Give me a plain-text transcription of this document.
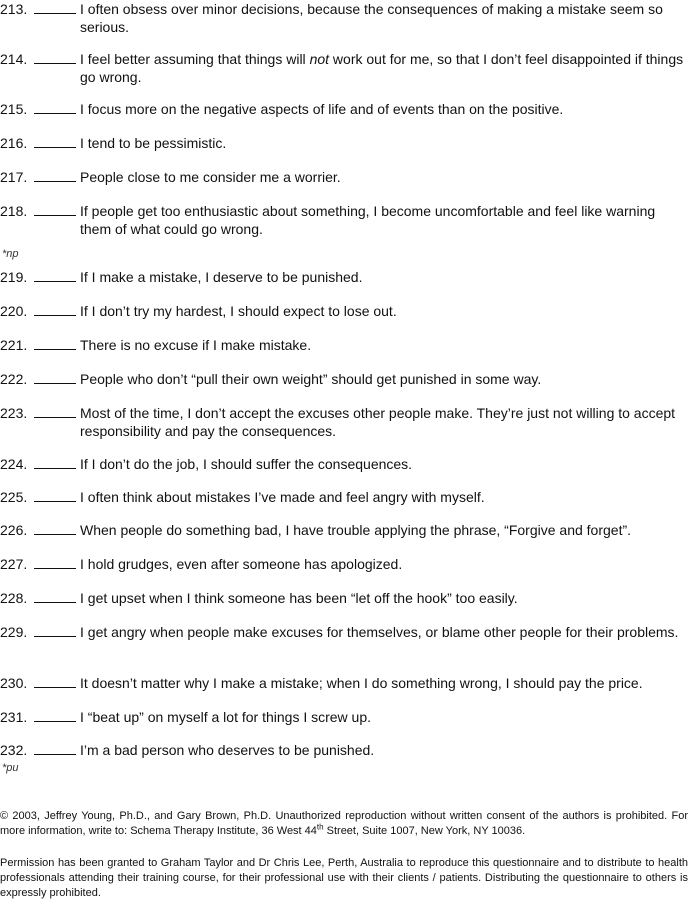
213.	I often obsess over minor decisions, because the consequences of making a mistake seem so serious.
214.	I feel better assuming that things will not work out for me, so that I don’t feel disappointed if things go wrong.
215.	I focus more on the negative aspects of life and of events than on the positive.
216.	I tend to be pessimistic.
217.	People close to me consider me a worrier.
218.	If people get too enthusiastic about something, I become uncomfortable and feel like warning them of what could go wrong.
*np
219.	If I make a mistake, I deserve to be punished.
220.	If I don’t try my hardest, I should expect to lose out.
221.	There is no excuse if I make mistake.
222.	People who don’t “pull their own weight” should get punished in some way.
223.	Most of the time, I don’t accept the excuses other people make. They’re just not willing to accept responsibility and pay the consequences.
224.	If I don’t do the job, I should suffer the consequences.
225.	I often think about mistakes I’ve made and feel angry with myself.
226.	When people do something bad, I have trouble applying the phrase, “Forgive and forget”.
227.	I hold grudges, even after someone has apologized.
228.	I get upset when I think someone has been “let off the hook” too easily.
229.	I get angry when people make excuses for themselves, or blame other people for their problems.
230.	It doesn’t matter why I make a mistake; when I do something wrong, I should pay the price.
231.	I “beat up” on myself a lot for things I screw up.
232.	I’m a bad person who deserves to be punished.
*pu
© 2003, Jeffrey Young, Ph.D., and Gary Brown, Ph.D. Unauthorized reproduction without written consent of the authors is prohibited. For more information, write to: Schema Therapy Institute, 36 West 44th Street, Suite 1007, New York, NY 10036.
Permission has been granted to Graham Taylor and Dr Chris Lee, Perth, Australia to reproduce this questionnaire and to distribute to health professionals attending their training course, for their professional use with their clients / patients. Distributing the questionnaire to others is expressly prohibited.
